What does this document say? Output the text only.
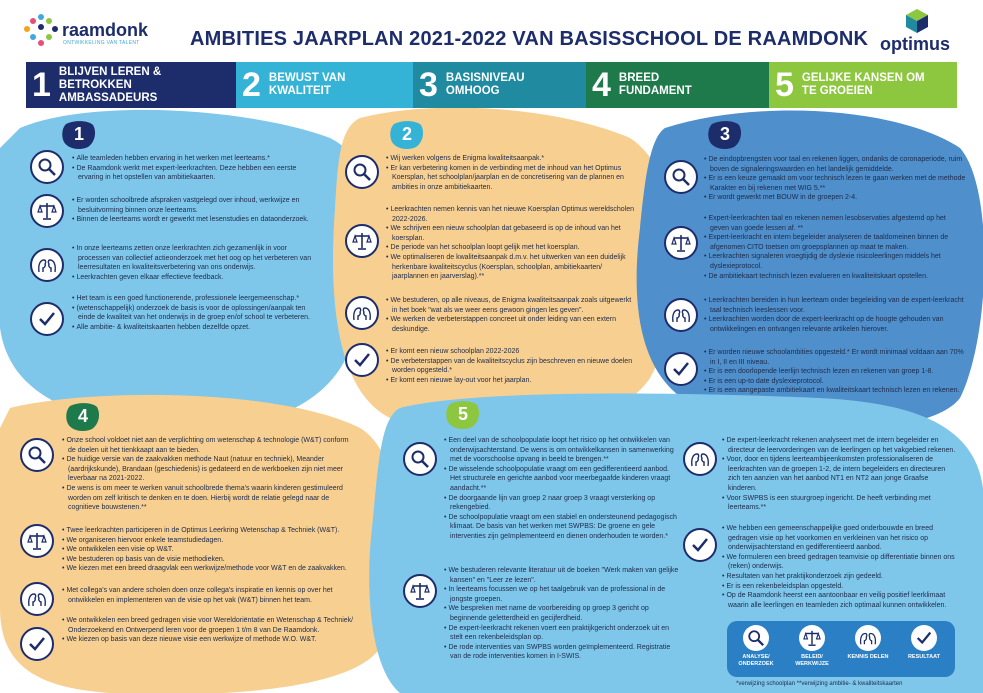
raamdonk
ONTWIKKELING VAN TALENT	AMBITIES JAARPLAN 2021-2022 VAN BASISSCHOOL DE RAAMDONK optimus
1 BLIJVEN LEREN & BETROKKEN AMBASSADEURS	2 BEWUST VAN KWALITEIT	3 BASISNIVEAU OMHOOG	4 BREED FUNDAMENT	5 GELIJKE KANSEN OM TE GROEIEN
1	2	3
4	5
• Alle teamleden hebben ervaring in het werken met leerteams.*
• De Raamdonk werkt met expert-leerkrachten. Deze hebben een eerste ervaring in het opstellen van ambitiekaarten.
• Er worden schoolbrede afspraken vastgelegd over inhoud, werkwijze en besluitvorming binnen onze leerteams.
• Binnen de leerteams wordt er gewerkt met lesenstudies en dataonderzoek.
• In onze leerteams zetten onze leerkrachten zich gezamenlijk in voor processen van collectief actieonderzoek met het oog op het verbeteren van leerresultaten en kwaliteitsverbetering van ons onderwijs.
• Leerkrachten geven elkaar effectieve feedback.
• Het team is een goed functionerende, professionele leergemeenschap.*
• (wetenschappelijk) onderzoek de basis is voor de oplossingen/aanpak ten einde de kwaliteit van het onderwijs in de groep en/of school te verbeteren.
• Alle ambitie- & kwaliteitskaarten hebben dezelfde opzet.
• Wij werken volgens de Enigma kwaliteitsaanpak.*
• Er kan verbetering komen in de verbinding met de inhoud van het Optimus Koersplan, het schoolplan/jaarplan en de concretisering van de plannen en ambities in onze ambitiekaarten.
• Leerkrachten nemen kennis van het nieuwe Koersplan Optimus wereldscholen 2022-2026.
• We schrijven een nieuw schoolplan dat gebaseerd is op de inhoud van het koersplan.
• De periode van het schoolplan loopt gelijk met het koersplan.
• We optimaliseren de kwaliteitsaanpak d.m.v. het uitwerken van een duidelijk herkenbare kwaliteitscyclus (Koersplan, schoolplan, ambitiekaarten/ jaarplannen en jaarverslag).**
• We bestuderen, op alle niveaus, de Enigma kwaliteitsaanpak zoals uitgewerkt in het boek "wat als we weer eens gewoon gingen les geven".
• We werken de verbeterstappen concreet uit onder leiding van een extern deskundige.
• Er komt een nieuw schoolplan 2022-2026
• De verbeterstappen van de kwaliteitscyclus zijn beschreven en nieuwe doelen worden opgesteld.*
• Er komt een nieuwe lay-out voor het jaarplan.
• De eindopbrengsten voor taal en rekenen liggen, ondanks de coronaperiode, ruim boven de signaleringswaarden en het landelijk gemiddelde.
• Er is een keuze gemaakt om voor technisch lezen te gaan werken met de methode Karakter en bij rekenen met WIG 5.**
• Er wordt gewerkt met BOUW in de groepen 2-4.
• Expert-leerkrachten taal en rekenen nemen lesobservaties afgestemd op het geven van goede lessen af. **
• Expert-leerkracht en intern begeleider analyseren de taaldomeinen binnen de afgenomen CITO toetsen om groepsplannen op maat te maken.
• Leerkrachten signaleren vroegtijdig de dyslexie risicoleerlingen middels het dyslexieprotocol.
• De ambitiekaart technisch lezen evalueren en kwaliteitskaart opstellen.
• Leerkrachten bereiden in hun leerteam onder begeleiding van de expert-leerkracht taal technisch leeslessen voor.
• Leerkrachten worden door de expert-leerkracht op de hoogte gehouden van ontwikkelingen en ontvangen relevante artikelen hierover.
• Er worden nieuwe schoolambities opgesteld.* Er wordt minimaal voldaan aan 70% in I, II en III niveau.
• Er is een doorlopende leerlijn technisch lezen en rekenen van groep 1-8.
• Er is een up-to date dyslexieprotocol.
• Er is een aangepaste ambitiekaart en kwaliteitskaart technisch lezen en rekenen.
• Onze school voldoet niet aan de verplichting om wetenschap & technologie (W&T) conform de doelen uit het tienkkaapt aan te bieden.
• De huidige versie van de zaakvakken methode Naut (natuur en techniek), Meander (aardrijkskunde), Brandaan (geschiedenis) is gedateerd en de werkboeken zijn niet meer leverbaar na 2021-2022.
• De wens is om meer te werken vanuit schoolbrede thema's waarin kinderen gestimuleerd worden om zelf kritisch te denken en te doen. Hierbij wordt de relatie gelegd naar de cognitieve bouwstenen.**
• Twee leerkrachten participeren in de Optimus Leerkring Wetenschap & Techniek (W&T).
• We organiseren hiervoor enkele teamstudiedagen.
• We ontwikkelen een visie op W&T.
• We bestuderen op basis van de visie methodieken.
• We kiezen met een breed draagvlak een werkwijze/methode voor W&T en de zaakvakken.
• Met collega's van andere scholen doen onze collega's inspiratie en kennis op over het ontwikkelen en implementeren van de visie op het vak (W&T) binnen het team.
• We ontwikkelen een breed gedragen visie voor Wereldoriëntatie en Wetenschap & Techniek/ Onderzoekend en Ontwerpend leren voor de groepen 1 t/m 8 van De Raamdonk.
• We kiezen op basis van deze nieuwe visie een werkwijze of methode W.O. W&T.
• Een deel van de schoolpopulatie loopt het risico op het ontwikkelen van onderwijsachterstand. De wens is om ontwikkelkansen in samenwerking met de voorschoolse opvang in beeld te brengen.**
• De wisselende schoolpopulatie vraagt om een gedifferentieerd aanbod. Het structurele en gerichte aanbod voor meerbegaafde kinderen vraagt aandacht.**
• De doorgaande lijn van groep 2 naar groep 3 vraagt versterking op rekengebied.
• De schoolpopulatie vraagt om een stabiel en ondersteunend pedagogisch klimaat. De basis van het werken met SWPBS: De groene en gele interventies zijn geïmplementeerd en dienen onderhouden te worden.*
• We bestuderen relevante literatuur uit de boeken "Werk maken van gelijke kansen" en "Leer ze lezen".
• In leerteams focussen we op het taalgebruik van de professional in de jongste groepen.
• We bespreken met name de voorbereiding op groep 3 gericht op beginnende geletterdheid en gecijferdheid.
• De expert-leerkracht rekenen voert een praktijkgericht onderzoek uit en stelt een rekenbeleidsplan op.
• De rode interventies van SWPBS worden geïmplementeerd. Registratie van de rode interventies komen in I-SWIS.
• De expert-leerkracht rekenen analyseert met de intern begeleider en directeur de leervorderingen van de leerlingen op het vakgebied rekenen.
• Voor, door en tijdens leerteambijeenkomsten professionaliseren de leerkrachten van de groepen 1-2, de intern begeleiders en directeuren zich ten aanzien van het aanbod NT1 en NT2 aan jonge Graafse kinderen.
• Voor SWPBS is een stuurgroep ingericht. De heeft verbinding met leerteams.**
• We hebben een gemeenschappelijke goed onderbouwde en breed gedragen visie op het voorkomen en verkleinen van het risico op onderwijsachterstand en gedifferentieerd aanbod.
• We formuleren een breed gedragen teamvisie op differentiatie binnen ons (reken) onderwijs.
• Resultaten van het praktijkonderzoek zijn gedeeld.
• Er is een rekenbeleidsplan opgesteld.
• Op de Raamdonk heerst een aantoonbaar en veilig positief leerklimaat waarin alle leerlingen en teamleden zich optimaal kunnen ontwikkelen.
ANALYSE/ ONDERZOEK
BELEID/ WERKWIJZE
KENNIS DELEN	RESULTAAT
*verwijzing schoolplan **verwijzing ambitie- & kwaliteitskaarten
